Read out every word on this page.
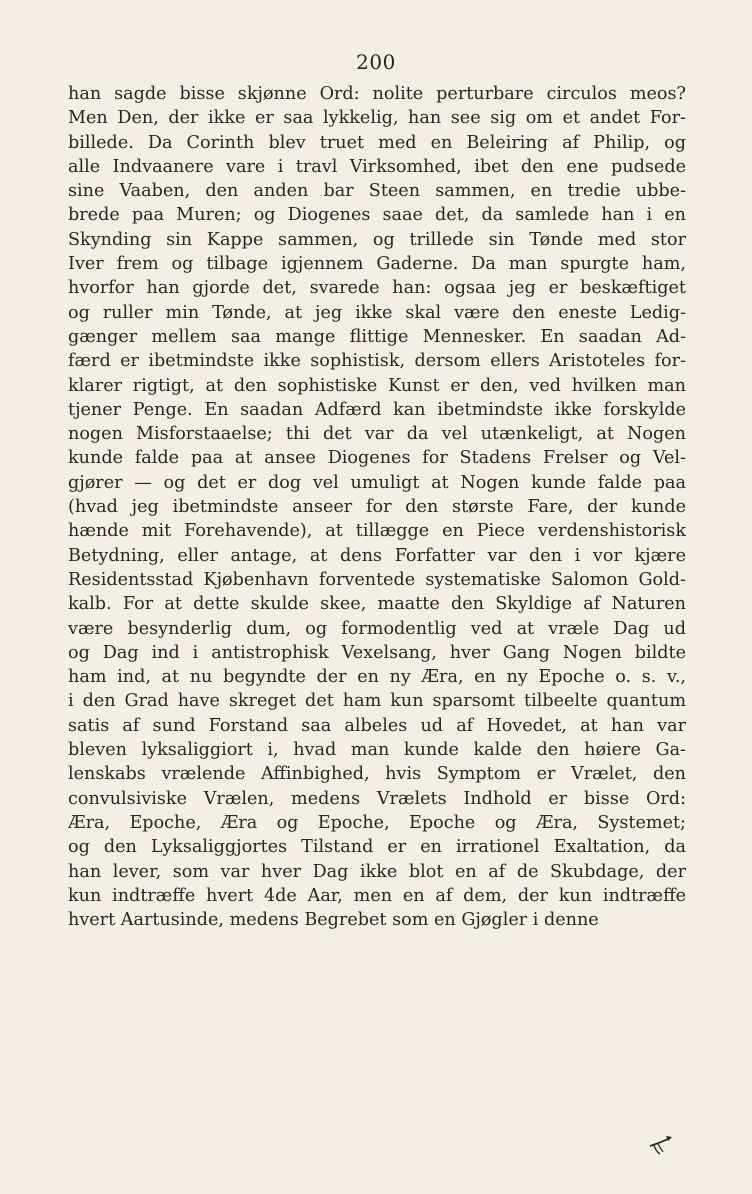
200
han sagde bisse skjønne Ord: nolite perturbare circulos meos?
Men Den, der ikke er saa lykkelig, han see sig om et andet For-
billede. Da Corinth blev truet med en Beleiring af Philip, og
alle Indvaanere vare i travl Virksomhed, ibet den ene pudsede
sine Vaaben, den anden bar Steen sammen, en tredie ubbe-
bredе paa Muren; og Diogenes saae det, da samlede han i en
Skynding sin Kappe sammen, og trillede sin Tønde med stor
Iver frem og tilbage igjennem Gaderne. Da man spurgte ham,
hvorfor han gjorde det, svarede han: ogsaa jeg er beskæftiget
og ruller min Tønde, at jeg ikke skal være den eneste Ledig-
gænger mellem saa mange flittige Mennesker. En saadan Ad-
færd er ibetmindste ikke sophistisk, dersom ellers Aristoteles for-
klarer rigtigt, at den sophistiske Kunst er den, ved hvilken man
tjener Penge. En saadan Adfærd kan ibetmindste ikke forskylde
nogen Misforstaaelse; thi det var da vel utænkeligt, at Nogen
kunde falde paa at ansee Diogenes for Stadens Frelser og Vel-
gjører — og det er dog vel umuligt at Nogen kunde falde paa
(hvad jeg ibetmindste anseer for den største Fare, der kunde
hænde mit Forehavende), at tillægge en Piece verdenshistorisk
Betydning, eller antage, at dens Forfatter var den i vor kjære
Residentsstad Kjøbenhavn forventede systematiske Salomon Gold-
kalb. For at dette skulde skee, maatte den Skyldige af Naturen
være besynderlig dum, og formodentlig ved at vræle Dag ud
og Dag ind i antistrophisk Vexelsang, hver Gang Nogen bildte
ham ind, at nu begyndte der en ny Æra, en ny Epoche o. s. v.,
i den Grad have skreget det ham kun sparsomt tilbeelte quantum
satis af sund Forstand saa albeles ud af Hovedet, at han var
bleven lyksaliggiort i, hvad man kunde kalde den høiere Ga-
lenskabs vrælende Affinbighed, hvis Symptom er Vrælet, den
convulsiviske Vrælen, medens Vrælets Indhold er bisse Ord:
Æra, Epoche, Æra og Epoche, Epoche og Æra, Systemet;
og den Lyksaliggjortes Tilstand er en irrationel Exaltation, da
han lever, som var hver Dag ikke blot en af de Skubdage, der
kun indtræffe hvert 4de Aar, men en af dem, der kun indtræffe
hvert Aartusinde, medens Begrebet som en Gjøgler i denne
